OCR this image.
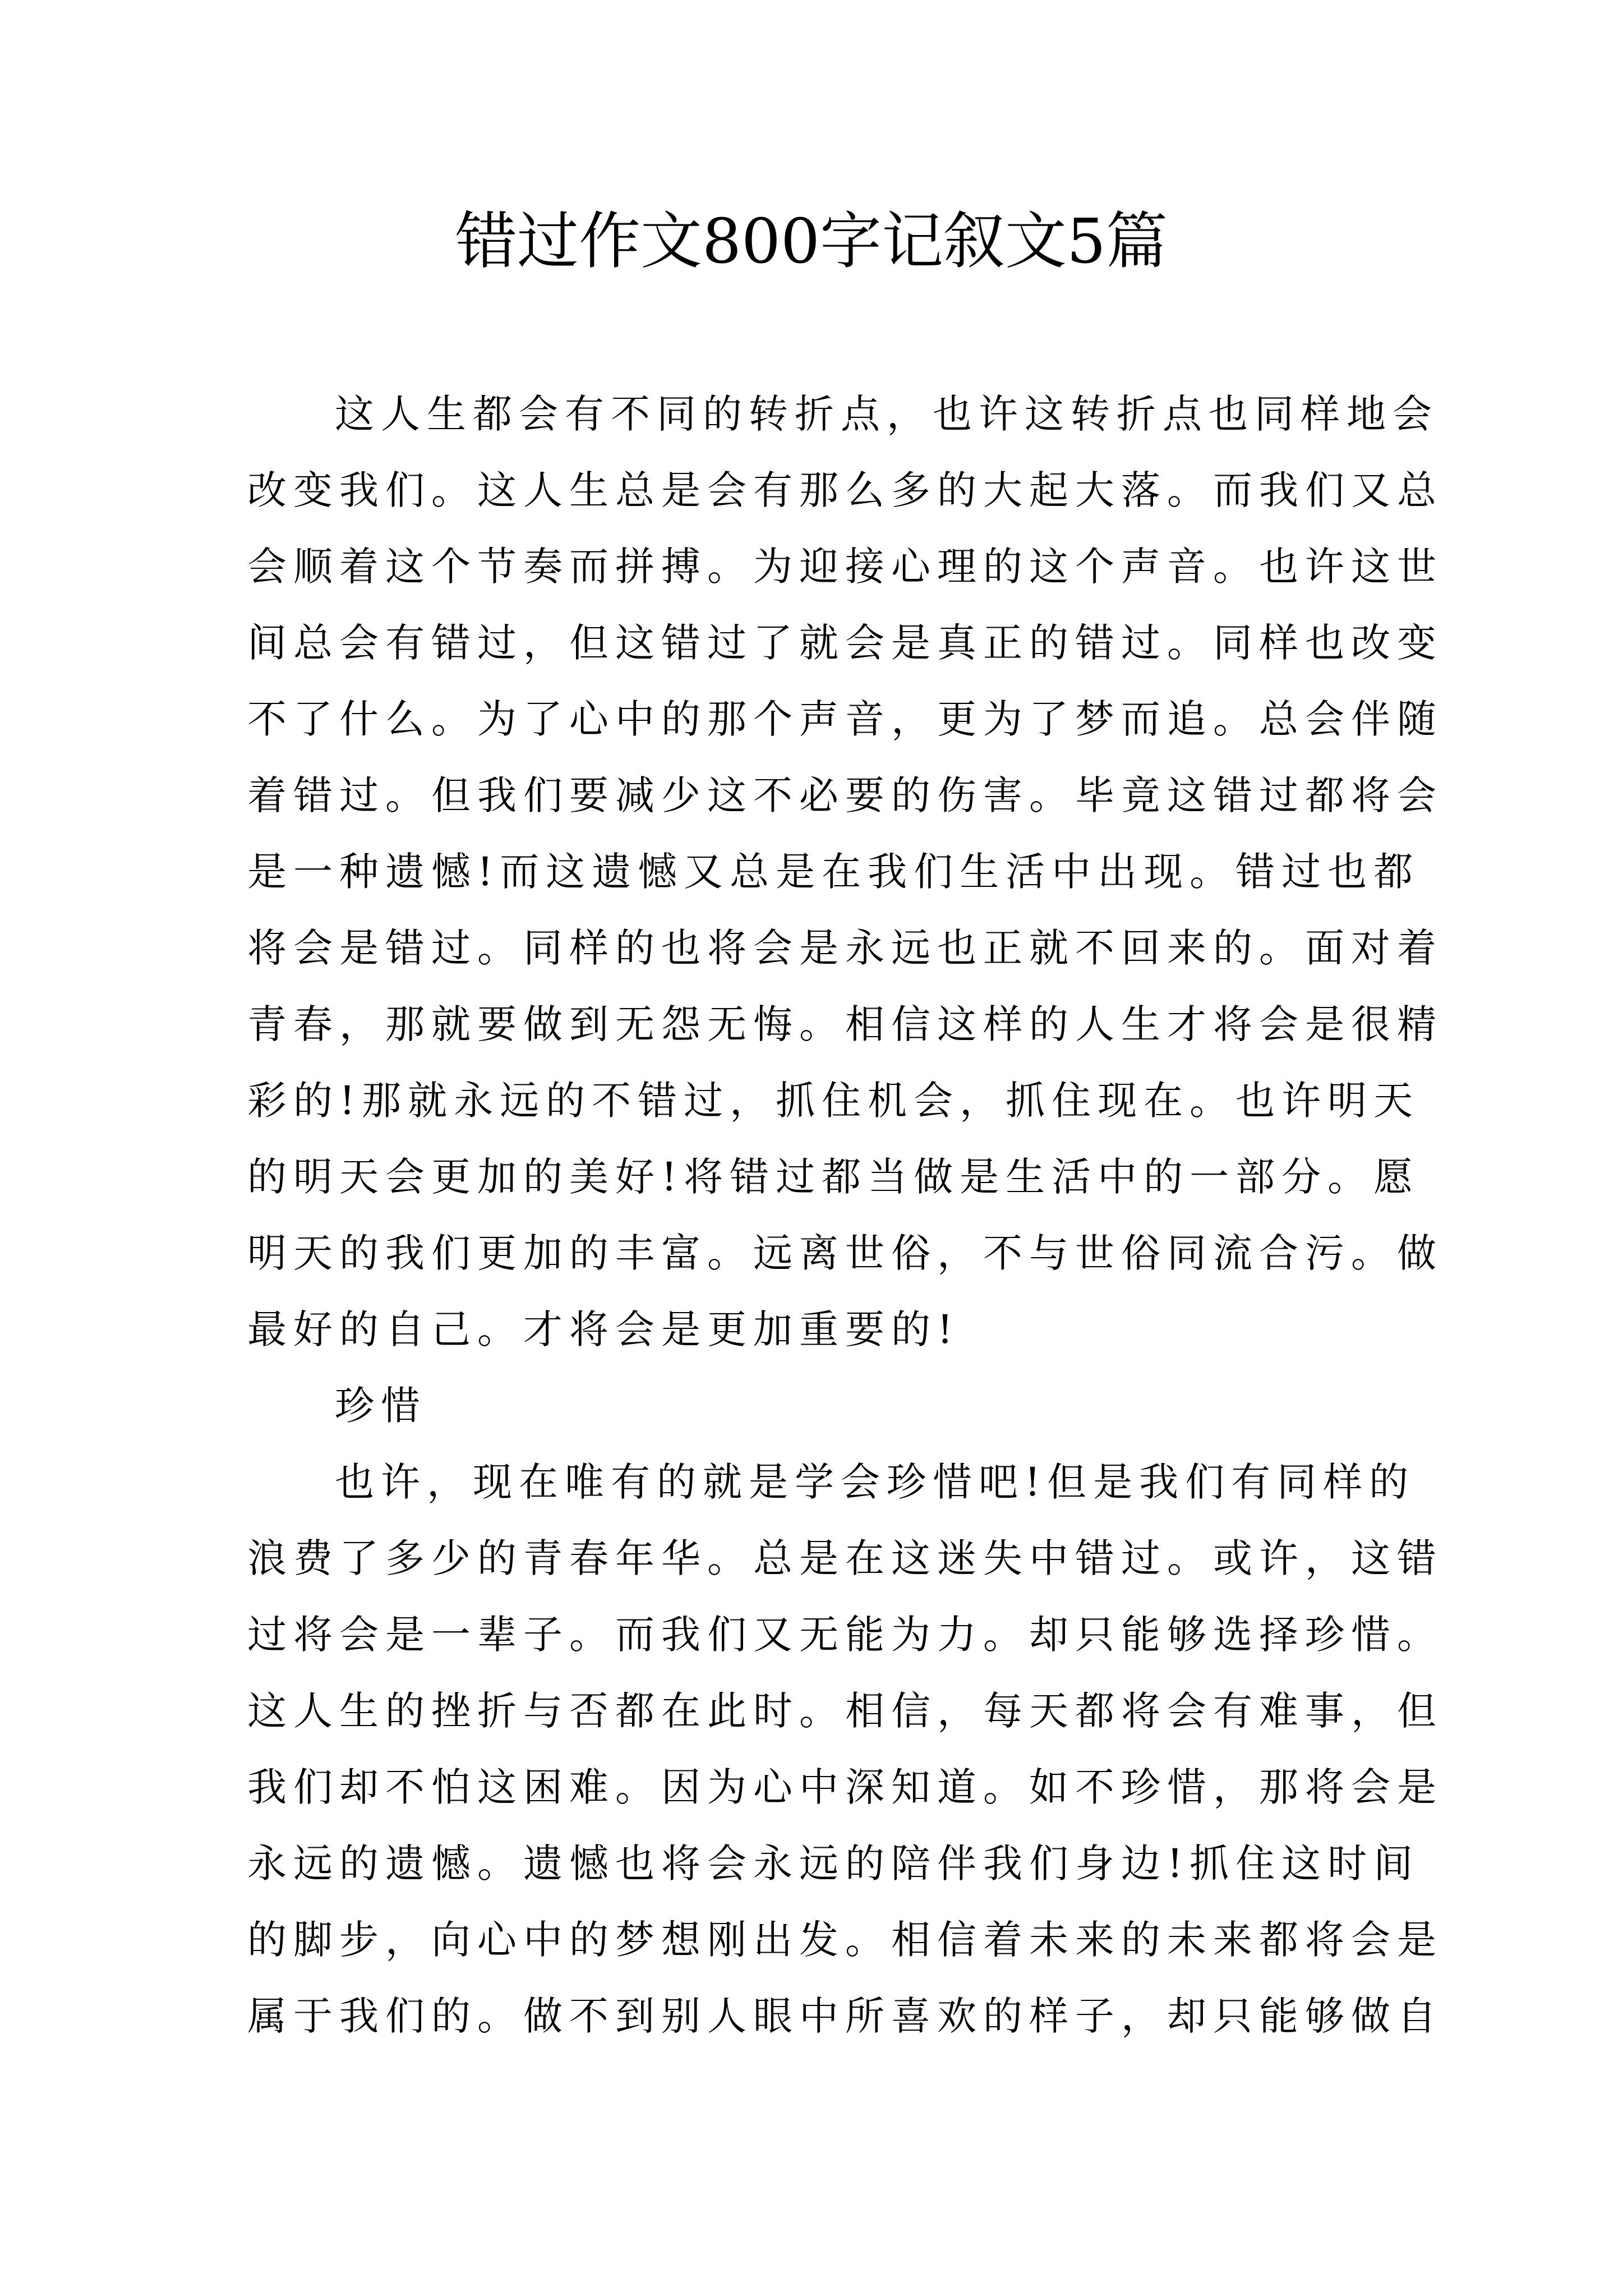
错过作文800字记叙文5篇
这人生都会有不同的转折点，也许这转折点也同样地会
改变我们。这人生总是会有那么多的大起大落。而我们又总
会顺着这个节奏而拼搏。为迎接心理的这个声音。也许这世
间总会有错过，但这错过了就会是真正的错过。同样也改变
不了什么。为了心中的那个声音，更为了梦而追。总会伴随
着错过。但我们要减少这不必要的伤害。毕竟这错过都将会
是一种遗憾!而这遗憾又总是在我们生活中出现。错过也都
将会是错过。同样的也将会是永远也正就不回来的。面对着
青春，那就要做到无怨无悔。相信这样的人生才将会是很精
彩的!那就永远的不错过，抓住机会，抓住现在。也许明天
的明天会更加的美好!将错过都当做是生活中的一部分。愿
明天的我们更加的丰富。远离世俗，不与世俗同流合污。做
最好的自己。才将会是更加重要的!
珍惜
也许，现在唯有的就是学会珍惜吧!但是我们有同样的
浪费了多少的青春年华。总是在这迷失中错过。或许，这错
过将会是一辈子。而我们又无能为力。却只能够选择珍惜。
这人生的挫折与否都在此时。相信，每天都将会有难事，但
我们却不怕这困难。因为心中深知道。如不珍惜，那将会是
永远的遗憾。遗憾也将会永远的陪伴我们身边!抓住这时间
的脚步，向心中的梦想刚出发。相信着未来的未来都将会是
属于我们的。做不到别人眼中所喜欢的样子，却只能够做自
